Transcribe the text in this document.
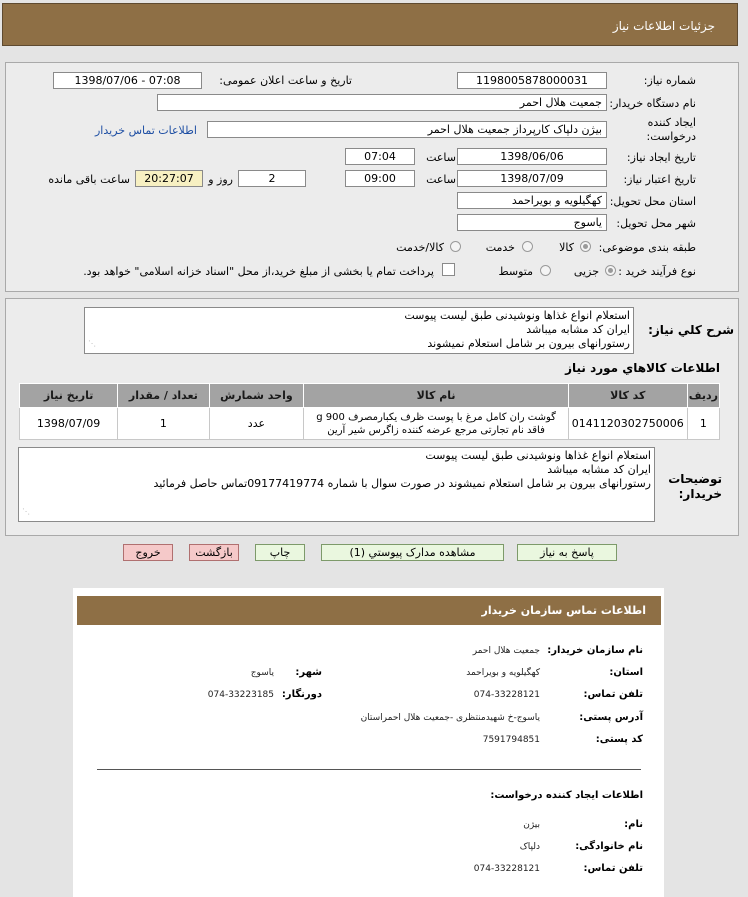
جزئیات اطلاعات نیاز
شماره نیاز:
1198005878000031
تاریخ و ساعت اعلان عمومی:
1398/07/06 - 07:08
نام دستگاه خریدار:
جمعیت هلال احمر
ایجاد کننده درخواست:
بیژن دلپاک کارپرداز جمعیت هلال احمر
اطلاعات تماس خریدار
تاریخ ایجاد نیاز:
1398/06/06
ساعت
07:04
تاریخ اعتبار نیاز:
1398/07/09
ساعت
09:00
2
روز و
20:27:07
ساعت باقی مانده
استان محل تحویل:
کهگیلویه و بویراحمد
شهر محل تحویل:
یاسوج
طبقه بندی موضوعی:
کالا
خدمت
کالا/خدمت
نوع فرآیند خرید :
جزیی
متوسط
پرداخت تمام یا بخشی از مبلغ خرید،از محل "اسناد خزانه اسلامی" خواهد بود.
شرح کلي نياز:
استعلام انواع غذاها ونوشیدنی طبق لیست پیوست
ایران کد مشابه میباشد
رستورانهای بیرون بر شامل استعلام نمیشوند
⋰
اطلاعات کالاهاي مورد نياز
رديف	کد کالا	نام کالا	واحد شمارش	تعداد / مقدار	تاريخ نياز
1	0141120302750006	گوشت ران کامل مرغ با پوست ظرف یکبارمصرف 900 g فاقد نام تجارتی مرجع عرضه کننده زاگرس شیر آرین	عدد	1	1398/07/09
توضیحات خریدار:
استعلام انواع غذاها ونوشیدنی طبق لیست پیوست
ایران کد مشابه میباشد
رستورانهای بیرون بر شامل استعلام نمیشوند در صورت سوال با شماره 09177419774تماس حاصل فرمائید
⋰
پاسخ به نیاز
مشاهده مدارک پیوستي (1)
چاپ
بازگشت
خروج
اطلاعات تماس سازمان خریدار
نام سازمان خریدار:
جمعیت هلال احمر
استان:
کهگیلویه و بویراحمد
شهر:
یاسوج
تلفن تماس:
074-33228121
دورنگار:
074-33223185
آدرس پستی:
یاسوج-خ شهیدمنتظری -جمعیت هلال احمراستان
کد پستی:
7591794851
اطلاعات ایجاد کننده درخواست:
نام:
بیژن
نام خانوادگی:
دلپاک
تلفن تماس:
074-33228121
